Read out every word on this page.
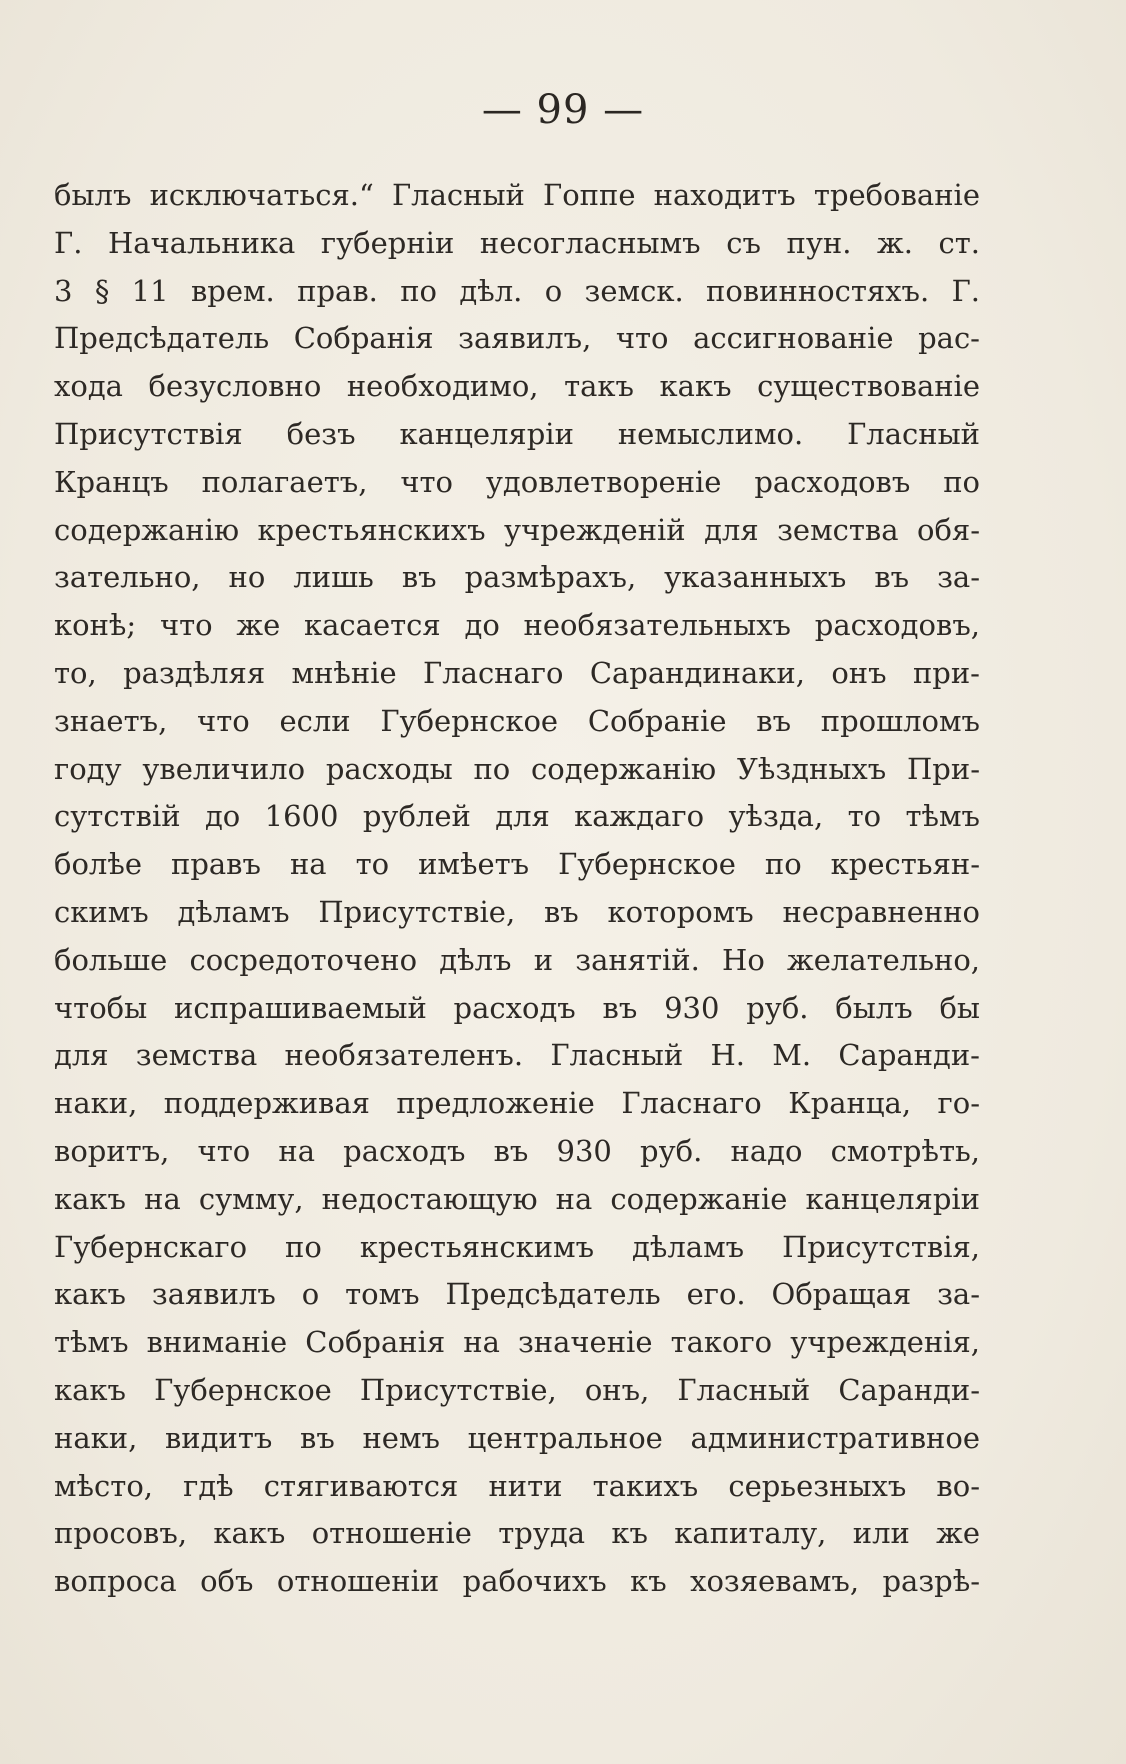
— 99 —
былъ исключаться.“ Гласный Гоппе находитъ требованіе
Г. Начальника губерніи несогласнымъ съ пун. ж. ст.
3 § 11 врем. прав. по дѣл. о земск. повинностяхъ. Г.
Предсѣдатель Собранія заявилъ, что ассигнованіе рас-
хода безусловно необходимо, такъ какъ существованіе
Присутствія безъ канцеляріи немыслимо. Гласный
Кранцъ полагаетъ, что удовлетвореніе расходовъ по
содержанію крестьянскихъ учрежденій для земства обя-
зательно, но лишь въ размѣрахъ, указанныхъ въ за-
конѣ; что же касается до необязательныхъ расходовъ,
то, раздѣляя мнѣніе Гласнаго Сарандинаки, онъ при-
знаетъ, что если Губернское Собраніе въ прошломъ
году увеличило расходы по содержанію Уѣздныхъ При-
сутствій до 1600 рублей для каждаго уѣзда, то тѣмъ
болѣе правъ на то имѣетъ Губернское по крестьян-
скимъ дѣламъ Присутствіе, въ которомъ несравненно
больше сосредоточено дѣлъ и занятій. Но желательно,
чтобы испрашиваемый расходъ въ 930 руб. былъ бы
для земства необязателенъ. Гласный Н. М. Саранди-
наки, поддерживая предложеніе Гласнаго Кранца, го-
воритъ, что на расходъ въ 930 руб. надо смотрѣть,
какъ на сумму, недостающую на содержаніе канцеляріи
Губернскаго по крестьянскимъ дѣламъ Присутствія,
какъ заявилъ о томъ Предсѣдатель его. Обращая за-
тѣмъ вниманіе Собранія на значеніе такого учрежденія,
какъ Губернское Присутствіе, онъ, Гласный Саранди-
наки, видитъ въ немъ центральное административное
мѣсто, гдѣ стягиваются нити такихъ серьезныхъ во-
просовъ, какъ отношеніе труда къ капиталу, или же
вопроса объ отношеніи рабочихъ къ хозяевамъ, разрѣ-
